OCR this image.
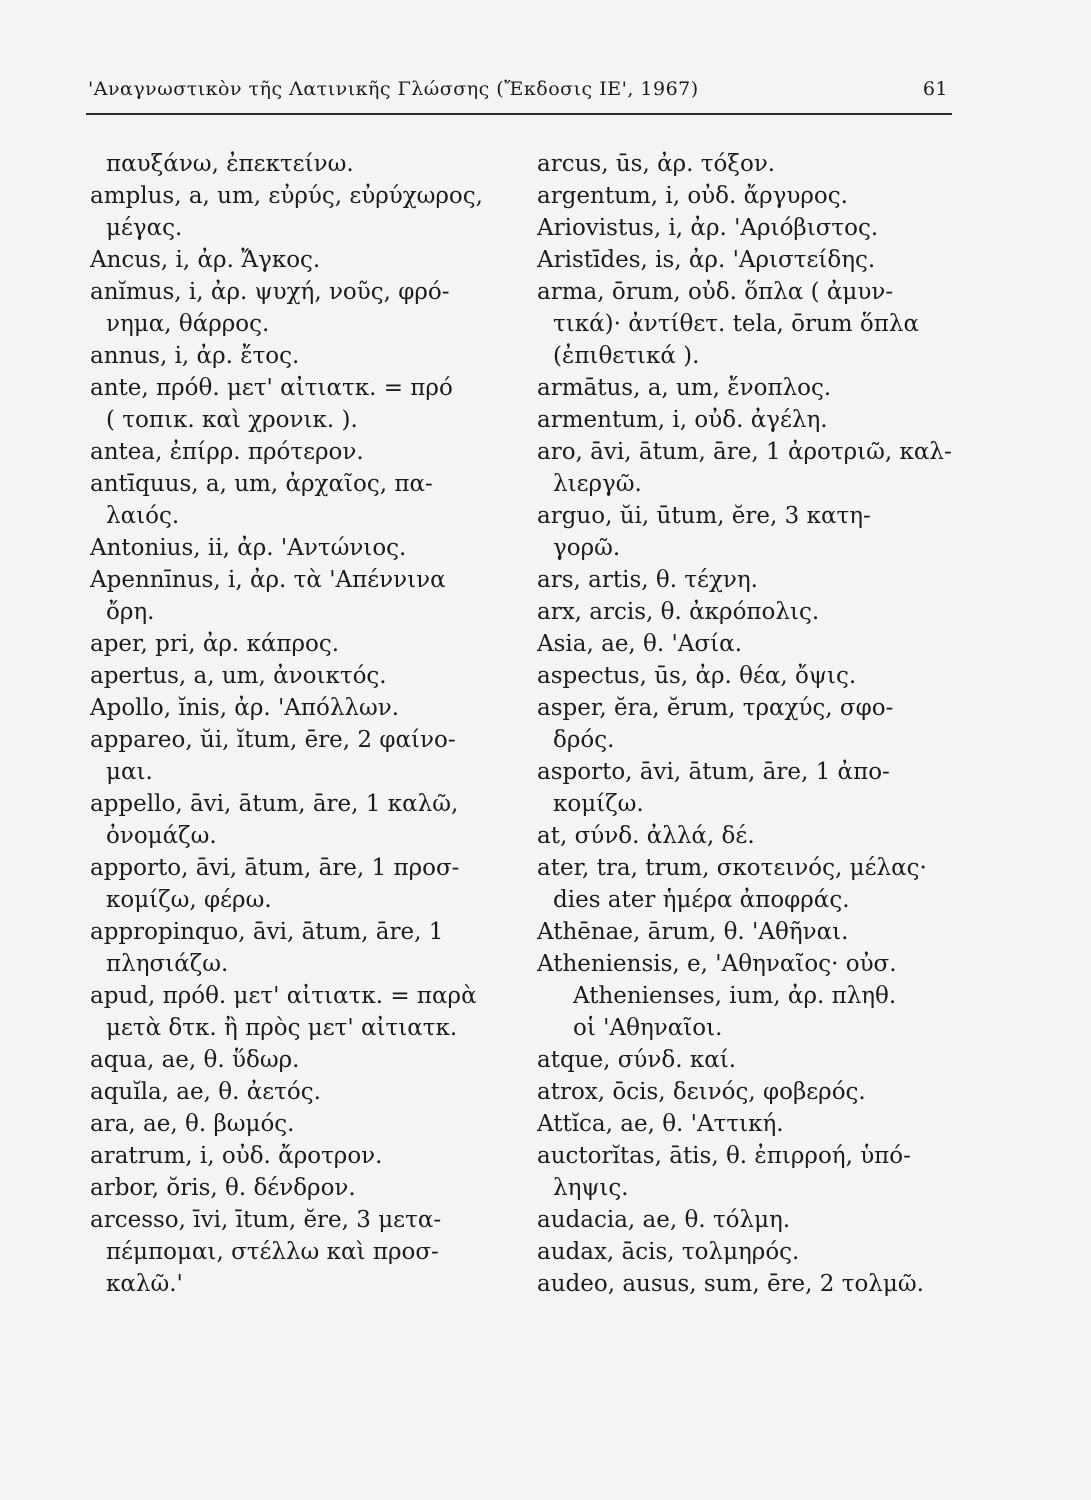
'Αναγνωστικὸν τῆς Λατινικῆς Γλώσσης (Ἔκδοσις ΙΕ', 1967)	61
παυξάνω, ἐπεκτείνω.
amplus, a, um, εὐρύς, εὐρύχωρος,
μέγας.
Ancus, i, ἀρ. Ἄγκος.
anĭmus, i, ἀρ. ψυχή, νοῦς, φρό-
νημα, θάρρος.
annus, i, ἀρ. ἔτος.
ante, πρόθ. μετ' αἰτιατκ. = πρό
( τοπικ. καὶ χρονικ. ).
antea, ἐπίρρ. πρότερον.
antīquus, a, um, ἀρχαῖος, πα-
λαιός.
Antonius, ii, ἀρ. 'Αντώνιος.
Apennīnus, i, ἀρ. τὰ 'Απέννινα
ὄρη.
aper, pri, ἀρ. κάπρος.
apertus, a, um, ἀνοικτός.
Apollo, ĭnis, ἀρ. 'Απόλλων.
appareo, ŭi, ĭtum, ēre, 2 φαίνο-
μαι.
appello, āvi, ātum, āre, 1 καλῶ,
ὀνομάζω.
apporto, āvi, ātum, āre, 1 προσ-
κομίζω, φέρω.
appropinquo, āvi, ātum, āre, 1
πλησιάζω.
apud, πρόθ. μετ' αἰτιατκ. = παρὰ
μετὰ δτκ. ἢ πρὸς μετ' αἰτιατκ.
aqua, ae, θ. ὕδωρ.
aquĭla, ae, θ. ἀετός.
ara, ae, θ. βωμός.
aratrum, i, οὐδ. ἄροτρον.
arbor, ŏris, θ. δένδρον.
arcesso, īvi, ītum, ĕre, 3 μετα-
πέμπομαι, στέλλω καὶ προσ-
καλῶ.'
arcus, ūs, ἀρ. τόξον.
argentum, i, οὐδ. ἄργυρος.
Ariovistus, i, ἀρ. 'Αριόβιστος.
Aristīdes, is, ἀρ. 'Αριστείδης.
arma, ōrum, οὐδ. ὅπλα ( ἀμυν-
τικά)· ἀντίθετ. tela, ōrum ὅπλα
(ἐπιθετικά ).
armātus, a, um, ἔνοπλος.
armentum, i, οὐδ. ἀγέλη.
aro, āvi, ātum, āre, 1 ἀροτριῶ, καλ-
λιεργῶ.
arguo, ŭi, ūtum, ĕre, 3 κατη-
γορῶ.
ars, artis, θ. τέχνη.
arx, arcis, θ. ἀκρόπολις.
Asia, ae, θ. 'Ασία.
aspectus, ūs, ἀρ. θέα, ὄψις.
asper, ĕra, ĕrum, τραχύς, σφο-
δρός.
asporto, āvi, ātum, āre, 1 ἀπο-
κομίζω.
at, σύνδ. ἀλλά, δέ.
ater, tra, trum, σκοτεινός, μέλας·
dies ater ἡμέρα ἀποφράς.
Athēnae, ārum, θ. 'Αθῆναι.
Atheniensis, e, 'Αθηναῖος· οὐσ.
Athenienses, ium, ἀρ. πληθ.
οἱ 'Αθηναῖοι.
atque, σύνδ. καί.
atrox, ōcis, δεινός, φοβερός.
Attĭca, ae, θ. 'Αττική.
auctorĭtas, ātis, θ. ἐπιρροή, ὑπό-
ληψις.
audacia, ae, θ. τόλμη.
audax, ācis, τολμηρός.
audeo, ausus, sum, ēre, 2 τολμῶ.
